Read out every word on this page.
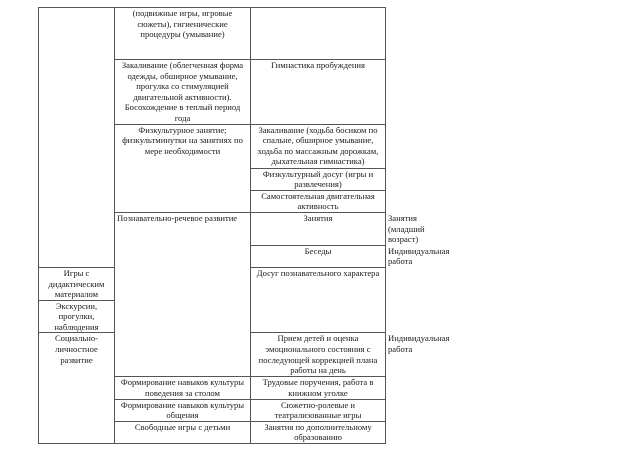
	(подвижные игры, игровые сюжеты), гигиенические процедуры (умывание)		
	Закаливание (облегченная форма одежды, обширное умывание, прогулка со стимуляцией двигательной активности). Босохождение в теплый период года	Гимнастика пробуждения	
	Физкультурное занятие; физкультминутки на занятиях по мере необходимости	Закаливание (ходьба босиком по спальне, обширное умывание, ходьба по массажным дорожкам, дыхательная гимнастика)	
		Физкультурный досуг (игры и развлечения)	
		Самостоятельная двигательная активность	
	Познавательно-речевое развитие	Занятия	Занятия (младший возраст)
		Беседы	Индивидуальная работа
Игры с дидактическим материалом		Досуг познавательного характера	
Экскурсии, прогулки, наблюдения			
Социально-личностное развитие		Прием детей и оценка эмоционального состояния с последующей коррекцией плана работы на день	Индивидуальная работа
	Формирование навыков культуры поведения за столом	Трудовые поручения, работа в книжном уголке	
	Формирование навыков культуры общения	Сюжетно-ролевые и театрализованные игры	
	Свободные игры с детьми	Занятия по дополнительному образованию	
